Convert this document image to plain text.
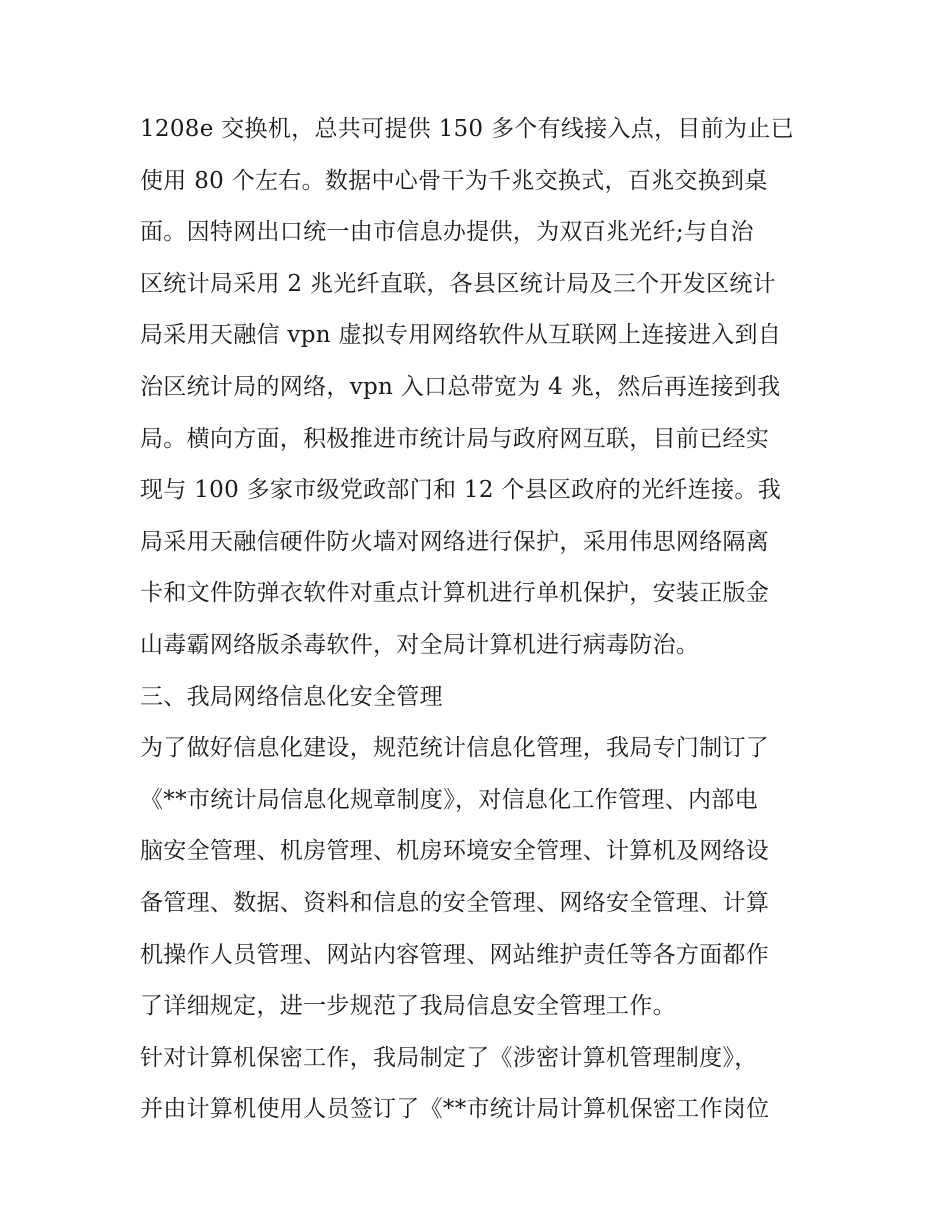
1208e 交换机，总共可提供 150 多个有线接入点，目前为止已
使用 80 个左右。数据中心骨干为千兆交换式，百兆交换到桌
面。因特网出口统一由市信息办提供，为双百兆光纤;与自治
区统计局采用 2 兆光纤直联，各县区统计局及三个开发区统计
局采用天融信 vpn 虚拟专用网络软件从互联网上连接进入到自
治区统计局的网络，vpn 入口总带宽为 4 兆，然后再连接到我
局。横向方面，积极推进市统计局与政府网互联，目前已经实
现与 100 多家市级党政部门和 12 个县区政府的光纤连接。我
局采用天融信硬件防火墙对网络进行保护，采用伟思网络隔离
卡和文件防弹衣软件对重点计算机进行单机保护，安装正版金
山毒霸网络版杀毒软件，对全局计算机进行病毒防治。
三、我局网络信息化安全管理
为了做好信息化建设，规范统计信息化管理，我局专门制订了
《**市统计局信息化规章制度》，对信息化工作管理、内部电
脑安全管理、机房管理、机房环境安全管理、计算机及网络设
备管理、数据、资料和信息的安全管理、网络安全管理、计算
机操作人员管理、网站内容管理、网站维护责任等各方面都作
了详细规定，进一步规范了我局信息安全管理工作。
针对计算机保密工作，我局制定了《涉密计算机管理制度》，
并由计算机使用人员签订了《**市统计局计算机保密工作岗位
